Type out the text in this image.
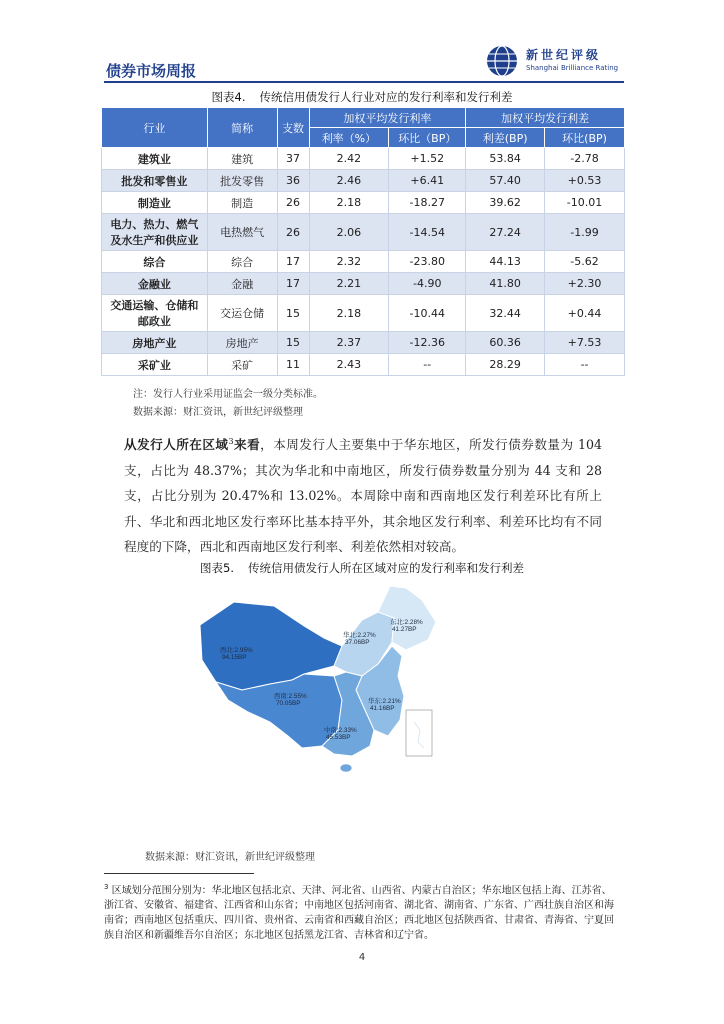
债券市场周报
新世纪评级
Shanghai Brilliance Rating
图表4. 传统信用债发行人行业对应的发行利率和发行利差
行业	简称	支数	加权平均发行利率		加权平均发行利差	
			利率（%）	环比（BP）	利差(BP)	环比(BP)
建筑业	建筑	37	2.42	+1.52	53.84	-2.78
批发和零售业	批发零售	36	2.46	+6.41	57.40	+0.53
制造业	制造	26	2.18	-18.27	39.62	-10.01
电力、热力、燃气及水生产和供应业	电热燃气	26	2.06	-14.54	27.24	-1.99
综合	综合	17	2.32	-23.80	44.13	-5.62
金融业	金融	17	2.21	-4.90	41.80	+2.30
交通运输、仓储和邮政业	交运仓储	15	2.18	-10.44	32.44	+0.44
房地产业	房地产	15	2.37	-12.36	60.36	+7.53
采矿业	采矿	11	2.43	--	28.29	--
注：发行人行业采用证监会一级分类标准。
数据来源：财汇资讯，新世纪评级整理
从发行人所在区域$^3$来看，本周发行人主要集中于华东地区，所发行债券数量为 104 支，占比为 48.37%；其次为华北和中南地区，所发行债券数量分别为 44 支和 28 支，占比分别为 20.47%和 13.02%。本周除中南和西南地区发行利差环比有所上升、华北和西北地区发行率环比基本持平外，其余地区发行利率、利差环比均有不同程度的下降，西北和西南地区发行利率、利差依然相对较高。
图表5. 传统信用债发行人所在区域对应的发行利率和发行利差
东北:2.28%
41.27BP
华北:2.27%
37.06BP
西北:2.95%
94.15BP
西南:2.55%
70.05BP	华东:2.21%
41.16BP
中南:2.33%
45.53BP
数据来源：财汇资讯，新世纪评级整理
$^3$ 区域划分范围分别为：华北地区包括北京、天津、河北省、山西省、内蒙古自治区；华东地区包括上海、江苏省、浙江省、安徽省、福建省、江西省和山东省；中南地区包括河南省、湖北省、湖南省、广东省、广西壮族自治区和海南省；西南地区包括重庆、四川省、贵州省、云南省和西藏自治区；西北地区包括陕西省、甘肃省、青海省、宁夏回族自治区和新疆维吾尔自治区；东北地区包括黑龙江省、吉林省和辽宁省。
4
